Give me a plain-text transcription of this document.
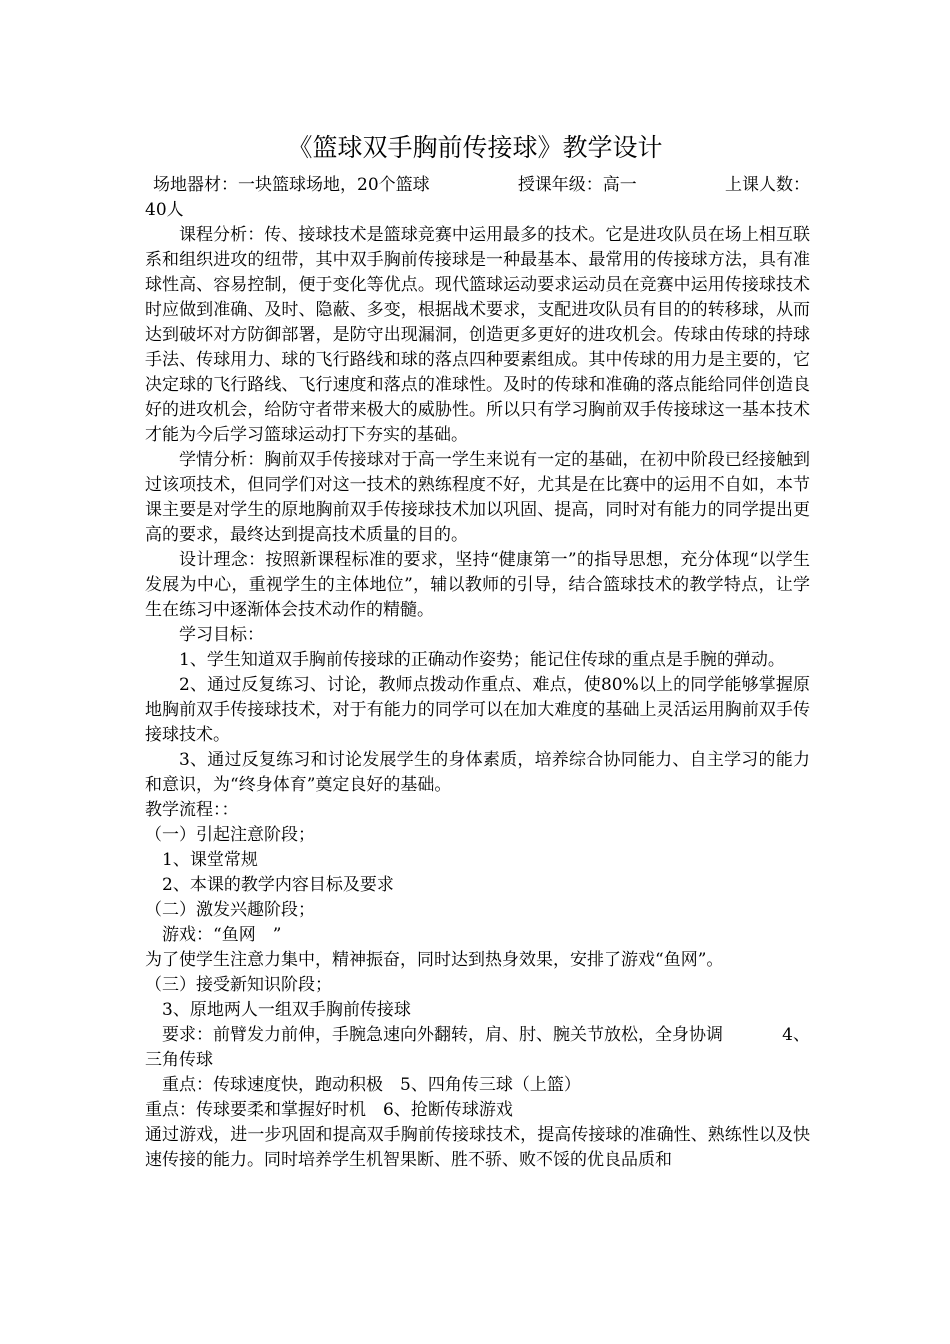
《篮球双手胸前传接球》教学设计
场地器材：一块篮球场地，20个篮球	授课年级：高一	上课人数：

40人

课程分析：传、接球技术是篮球竞赛中运用最多的技术。它是进攻队员在场上相互联系和组织进攻的纽带，其中双手胸前传接球是一种最基本、最常用的传接球方法，具有准球性高、容易控制，便于变化等优点。现代篮球运动要求运动员在竞赛中运用传接球技术时应做到准确、及时、隐蔽、多变，根据战术要求，支配进攻队员有目的的转移球，从而达到破坏对方防御部署，是防守出现漏洞，创造更多更好的进攻机会。传球由传球的持球手法、传球用力、球的飞行路线和球的落点四种要素组成。其中传球的用力是主要的，它决定球的飞行路线、飞行速度和落点的准球性。及时的传球和准确的落点能给同伴创造良好的进攻机会，给防守者带来极大的威胁性。所以只有学习胸前双手传接球这一基本技术才能为今后学习篮球运动打下夯实的基础。

学情分析：胸前双手传接球对于高一学生来说有一定的基础，在初中阶段已经接触到过该项技术，但同学们对这一技术的熟练程度不好，尤其是在比赛中的运用不自如，本节课主要是对学生的原地胸前双手传接球技术加以巩固、提高，同时对有能力的同学提出更高的要求，最终达到提高技术质量的目的。

设计理念：按照新课程标准的要求，坚持“健康第一”的指导思想，充分体现“以学生发展为中心，重视学生的主体地位”，辅以教师的引导，结合篮球技术的教学特点，让学生在练习中逐渐体会技术动作的精髓。

学习目标：

1、学生知道双手胸前传接球的正确动作姿势；能记住传球的重点是手腕的弹动。

2、通过反复练习、讨论，教师点拨动作重点、难点，使80%以上的同学能够掌握原地胸前双手传接球技术，对于有能力的同学可以在加大难度的基础上灵活运用胸前双手传接球技术。

3、通过反复练习和讨论发展学生的身体素质，培养综合协同能力、自主学习的能力和意识，为“终身体育”奠定良好的基础。

教学流程：：

（一）引起注意阶段；

1、课堂常规

2、本课的教学内容目标及要求

（二）激发兴趣阶段；

游戏：“鱼网　”

为了使学生注意力集中，精神振奋，同时达到热身效果，安排了游戏“鱼网”。

（三）接受新知识阶段；

3、原地两人一组双手胸前传接球

要求：前臂发力前伸，手腕急速向外翻转，肩、肘、腕关节放松，全身协调	4、

三角传球

重点：传球速度快，跑动积极　5、四角传三球（上篮）

重点：传球要柔和掌握好时机　6、抢断传球游戏

通过游戏，进一步巩固和提高双手胸前传接球技术，提高传接球的准确性、熟练性以及快速传接的能力。同时培养学生机智果断、胜不骄、败不馁的优良品质和
